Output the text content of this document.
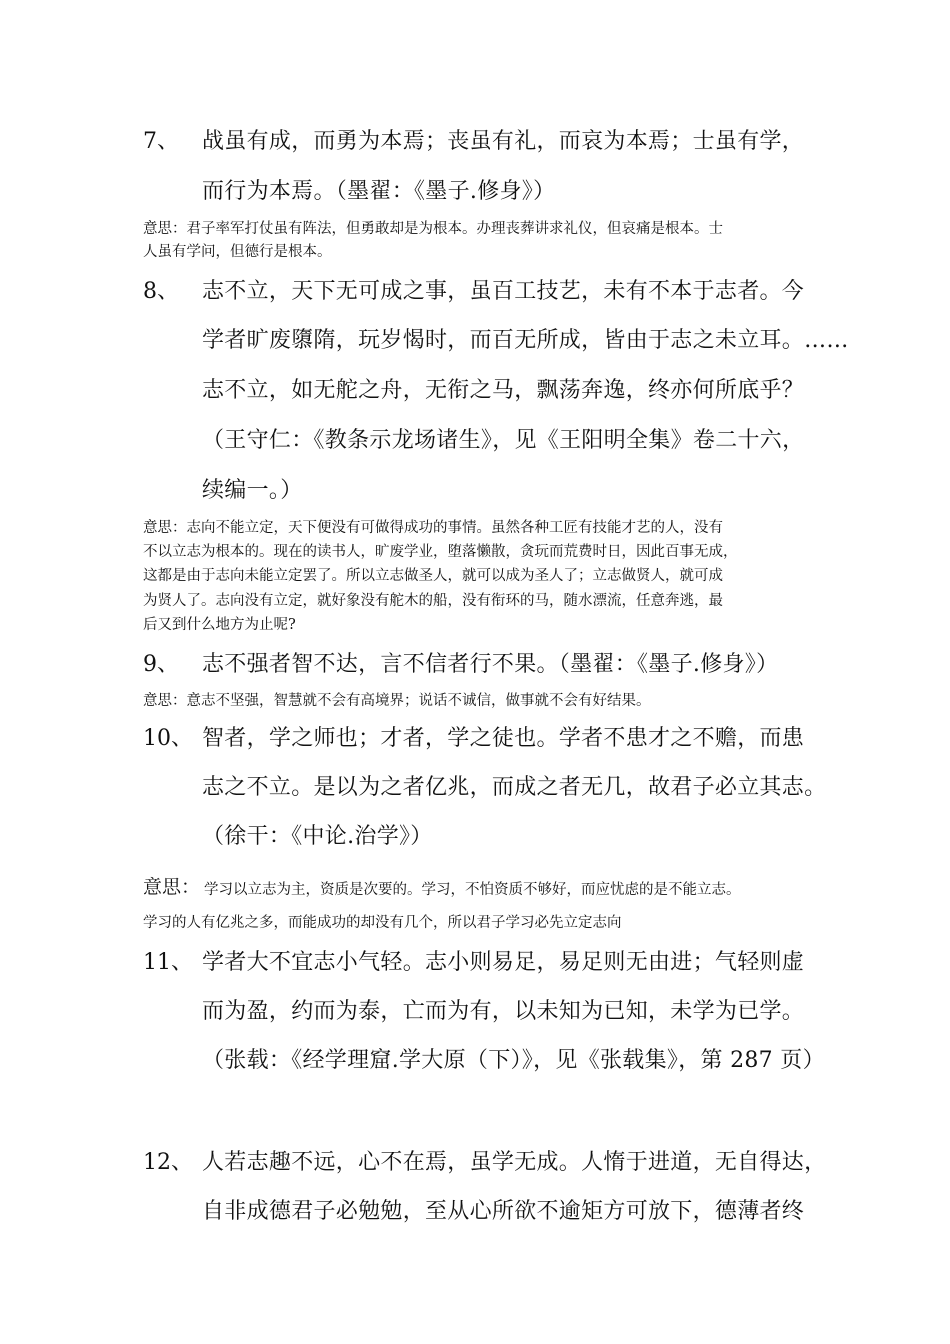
7、 战虽有成，而勇为本焉；丧虽有礼，而哀为本焉；士虽有学，
而行为本焉。（墨翟：《墨子.修身》）
意思：君子率军打仗虽有阵法，但勇敢却是为根本。办理丧葬讲求礼仪，但哀痛是根本。士
人虽有学问，但德行是根本。
8、 志不立，天下无可成之事，虽百工技艺，未有不本于志者。今
学者旷废隳隋，玩岁愒时，而百无所成，皆由于志之未立耳。……
志不立，如无舵之舟，无衔之马，飘荡奔逸，终亦何所底乎？
（王守仁：《教条示龙场诸生》，见《王阳明全集》卷二十六，
续编一。）
意思：志向不能立定，天下便没有可做得成功的事情。虽然各种工匠有技能才艺的人，没有
不以立志为根本的。现在的读书人，旷废学业，堕落懒散，贪玩而荒费时日，因此百事无成，
这都是由于志向未能立定罢了。所以立志做圣人，就可以成为圣人了；立志做贤人，就可成
为贤人了。志向没有立定，就好象没有舵木的船，没有衔环的马，随水漂流，任意奔逃，最
后又到什么地方为止呢?
9、 志不强者智不达，言不信者行不果。（墨翟：《墨子.修身》）
意思：意志不坚强，智慧就不会有高境界；说话不诚信，做事就不会有好结果。
10、 智者，学之师也；才者，学之徒也。学者不患才之不赡，而患
志之不立。是以为之者亿兆，而成之者无几，故君子必立其志。
（徐干：《中论.治学》）
意思： 学习以立志为主，资质是次要的。学习，不怕资质不够好，而应忧虑的是不能立志。
学习的人有亿兆之多，而能成功的却没有几个，所以君子学习必先立定志向
11、 学者大不宜志小气轻。志小则易足，易足则无由进；气轻则虚
而为盈，约而为泰，亡而为有，以未知为已知，未学为已学。
（张载：《经学理窟.学大原（下）》，见《张载集》，第 287 页）
12、 人若志趣不远，心不在焉，虽学无成。人惰于进道，无自得达，
自非成德君子必勉勉，至从心所欲不逾矩方可放下，德薄者终
